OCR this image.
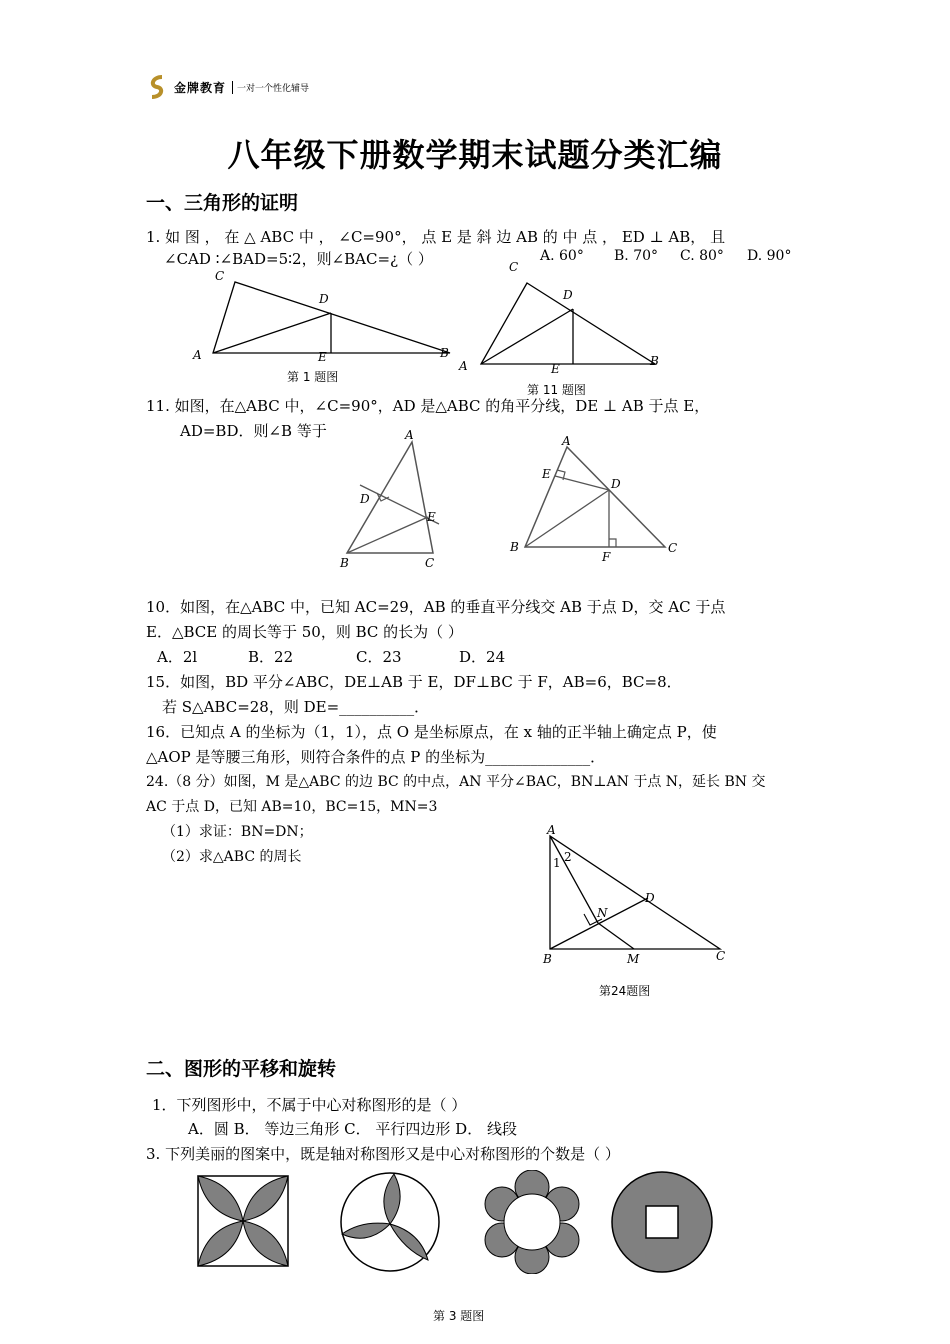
金牌教育	一对一个性化辅导
八年级下册数学期末试题分类汇编
一、三角形的证明
1. 如 图 ， 在 △ ABC 中 ， ∠C=90°， 点 E 是 斜 边 AB 的 中 点 ， ED ⊥ AB， 且
∠CAD ∶∠BAD=5∶2，则∠BAC=¿（ ）	A. 60° B. 70° C. 80° D. 90°
C
D
A	E	B
第 1 题图
C
D
A	E
B
第 11 题图
11. 如图，在△ABC 中，∠C=90°，AD 是△ABC 的角平分线，DE ⊥ AB 于点 E，
AD=BD．则∠B 等于	A
D
E
B	C
A
E
D
B
F
C
10．如图，在△ABC 中，已知 AC=29，AB 的垂直平分线交 AB 于点 D，交 AC 于点
E．△BCE 的周长等于 50，则 BC 的长为（ ）
A．2l	B．22	C．23	D．24
15．如图，BD 平分∠ABC，DE⊥AB 于 E，DF⊥BC 于 F，AB=6，BC=8．
若 S△ABC=28，则 DE=__________．
16．已知点 A 的坐标为（1，1），点 O 是坐标原点，在 x 轴的正半轴上确定点 P，使
△AOP 是等腰三角形，则符合条件的点 P 的坐标为______________．
24.（8 分）如图，M 是△ABC 的边 BC 的中点，AN 平分∠BAC，BN⊥AN 于点 N，延长 BN 交
AC 于点 D，已知 AB=10，BC=15，MN=3
（1）求证：BN=DN；
（2）求△ABC 的周长
A
2
1
D
N
B	M	C
第24题图
二、图形的平移和旋转
1．下列图形中，不属于中心对称图形的是（ ）
A．圆 B． 等边三角形 C． 平行四边形 D． 线段
3. 下列美丽的图案中，既是轴对称图形又是中心对称图形的个数是（ ）
第 3 题图
